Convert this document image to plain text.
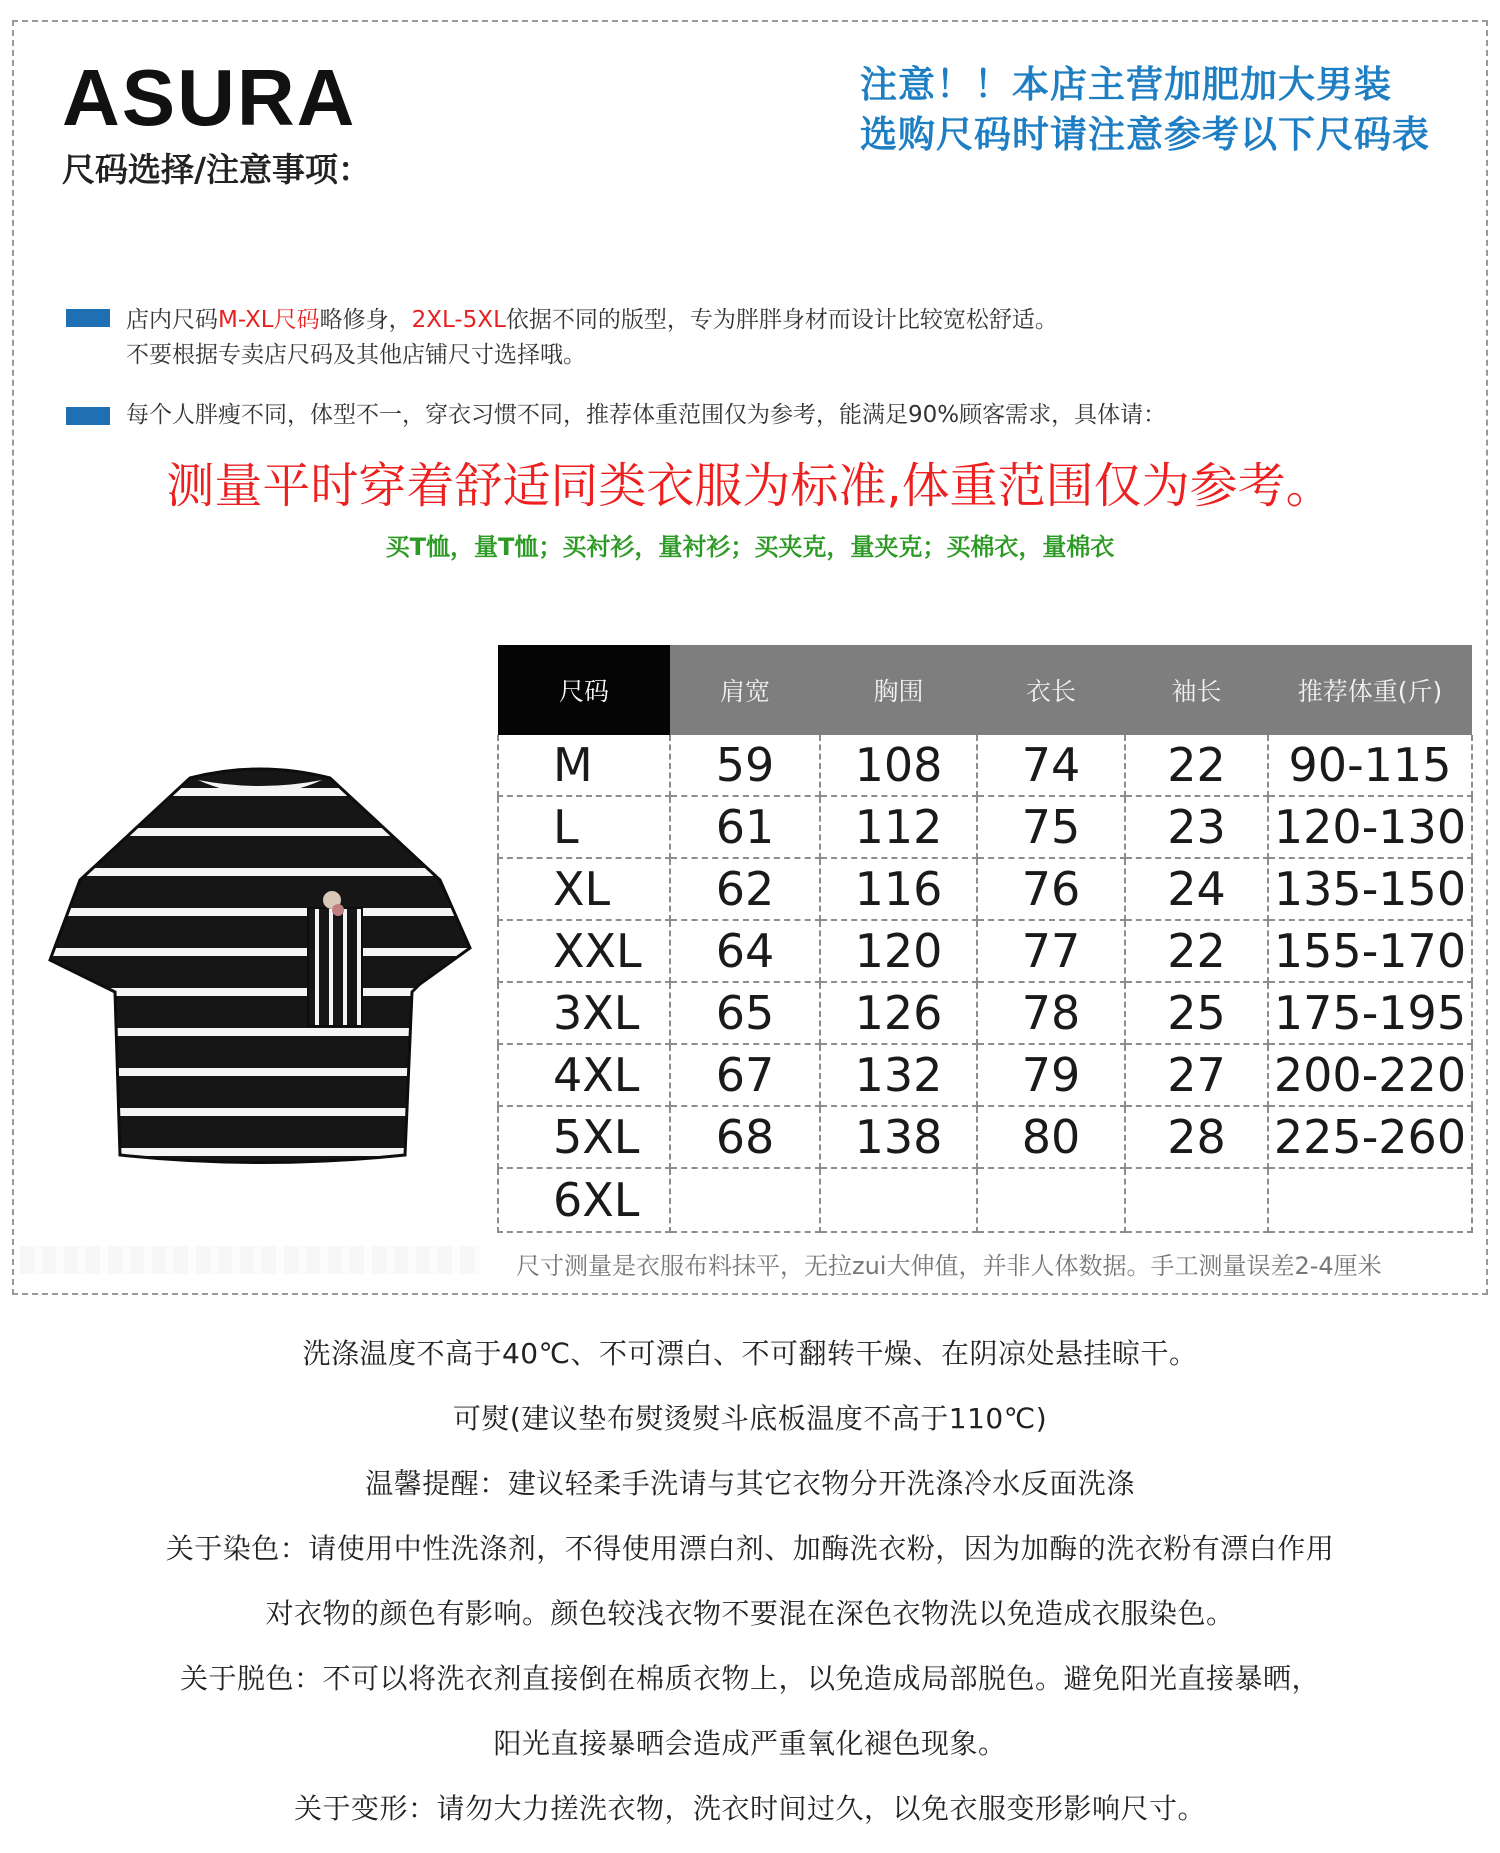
ASURA
尺码选择/注意事项：
注意！！本店主营加肥加大男装
选购尺码时请注意参考以下尺码表
店内尺码M-XL尺码略修身，2XL-5XL依据不同的版型，专为胖胖身材而设计比较宽松舒适。
不要根据专卖店尺码及其他店铺尺寸选择哦。
每个人胖瘦不同，体型不一，穿衣习惯不同，推荐体重范围仅为参考，能满足90%顾客需求，具体请：
测量平时穿着舒适同类衣服为标准,体重范围仅为参考。
买T恤，量T恤；买衬衫，量衬衫；买夹克，量夹克；买棉衣，量棉衣
尺码	肩宽	胸围	衣长	袖长	推荐体重(斤)
M	59	108	74	22	90-115
L	61	112	75	23	120-130
XL	62	116	76	24	135-150
XXL	64	120	77	22	155-170
3XL	65	126	78	25	175-195
4XL	67	132	79	27	200-220
5XL	68	138	80	28	225-260
6XL					
尺寸测量是衣服布料抹平，无拉zui大伸值，并非人体数据。手工测量误差2-4厘米
洗涤温度不高于40℃、不可漂白、不可翻转干燥、在阴凉处悬挂晾干。
可熨(建议垫布熨烫熨斗底板温度不高于110℃)
温馨提醒：建议轻柔手洗请与其它衣物分开洗涤冷水反面洗涤
关于染色：请使用中性洗涤剂，不得使用漂白剂、加酶洗衣粉，因为加酶的洗衣粉有漂白作用
对衣物的颜色有影响。颜色较浅衣物不要混在深色衣物洗以免造成衣服染色。
关于脱色：不可以将洗衣剂直接倒在棉质衣物上，以免造成局部脱色。避免阳光直接暴晒，
阳光直接暴晒会造成严重氧化褪色现象。
关于变形：请勿大力搓洗衣物，洗衣时间过久，以免衣服变形影响尺寸。
